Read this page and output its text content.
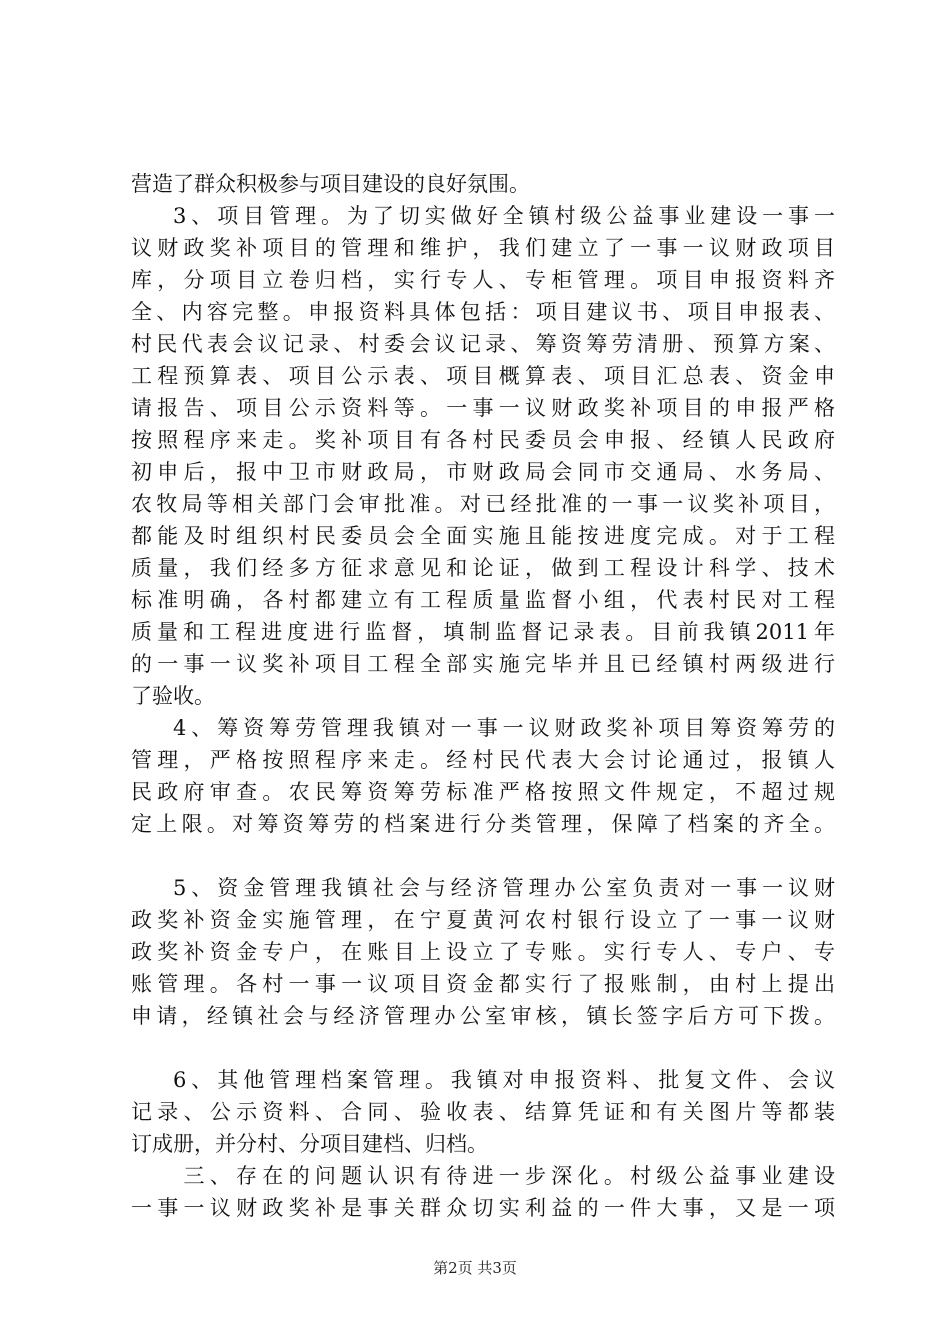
营造了群众积极参与项目建设的良好氛围。
3、项目管理。为了切实做好全镇村级公益事业建设一事一
议财政奖补项目的管理和维护，我们建立了一事一议财政项目
库，分项目立卷归档，实行专人、专柜管理。项目申报资料齐
全、内容完整。申报资料具体包括：项目建议书、项目申报表、
村民代表会议记录、村委会议记录、筹资筹劳清册、预算方案、
工程预算表、项目公示表、项目概算表、项目汇总表、资金申
请报告、项目公示资料等。一事一议财政奖补项目的申报严格
按照程序来走。奖补项目有各村民委员会申报、经镇人民政府
初申后，报中卫市财政局，市财政局会同市交通局、水务局、
农牧局等相关部门会审批准。对已经批准的一事一议奖补项目，
都能及时组织村民委员会全面实施且能按进度完成。对于工程
质量，我们经多方征求意见和论证，做到工程设计科学、技术
标准明确，各村都建立有工程质量监督小组，代表村民对工程
质量和工程进度进行监督，填制监督记录表。目前我镇2011年
的一事一议奖补项目工程全部实施完毕并且已经镇村两级进行
了验收。
4、筹资筹劳管理我镇对一事一议财政奖补项目筹资筹劳的
管理，严格按照程序来走。经村民代表大会讨论通过，报镇人
民政府审查。农民筹资筹劳标准严格按照文件规定，不超过规
定上限。对筹资筹劳的档案进行分类管理，保障了档案的齐全。
5、资金管理我镇社会与经济管理办公室负责对一事一议财
政奖补资金实施管理，在宁夏黄河农村银行设立了一事一议财
政奖补资金专户，在账目上设立了专账。实行专人、专户、专
账管理。各村一事一议项目资金都实行了报账制，由村上提出
申请，经镇社会与经济管理办公室审核，镇长签字后方可下拨。
6、其他管理档案管理。我镇对申报资料、批复文件、会议
记录、公示资料、合同、验收表、结算凭证和有关图片等都装
订成册，并分村、分项目建档、归档。
三、存在的问题认识有待进一步深化。村级公益事业建设
一事一议财政奖补是事关群众切实利益的一件大事，又是一项
第2页 共3页
